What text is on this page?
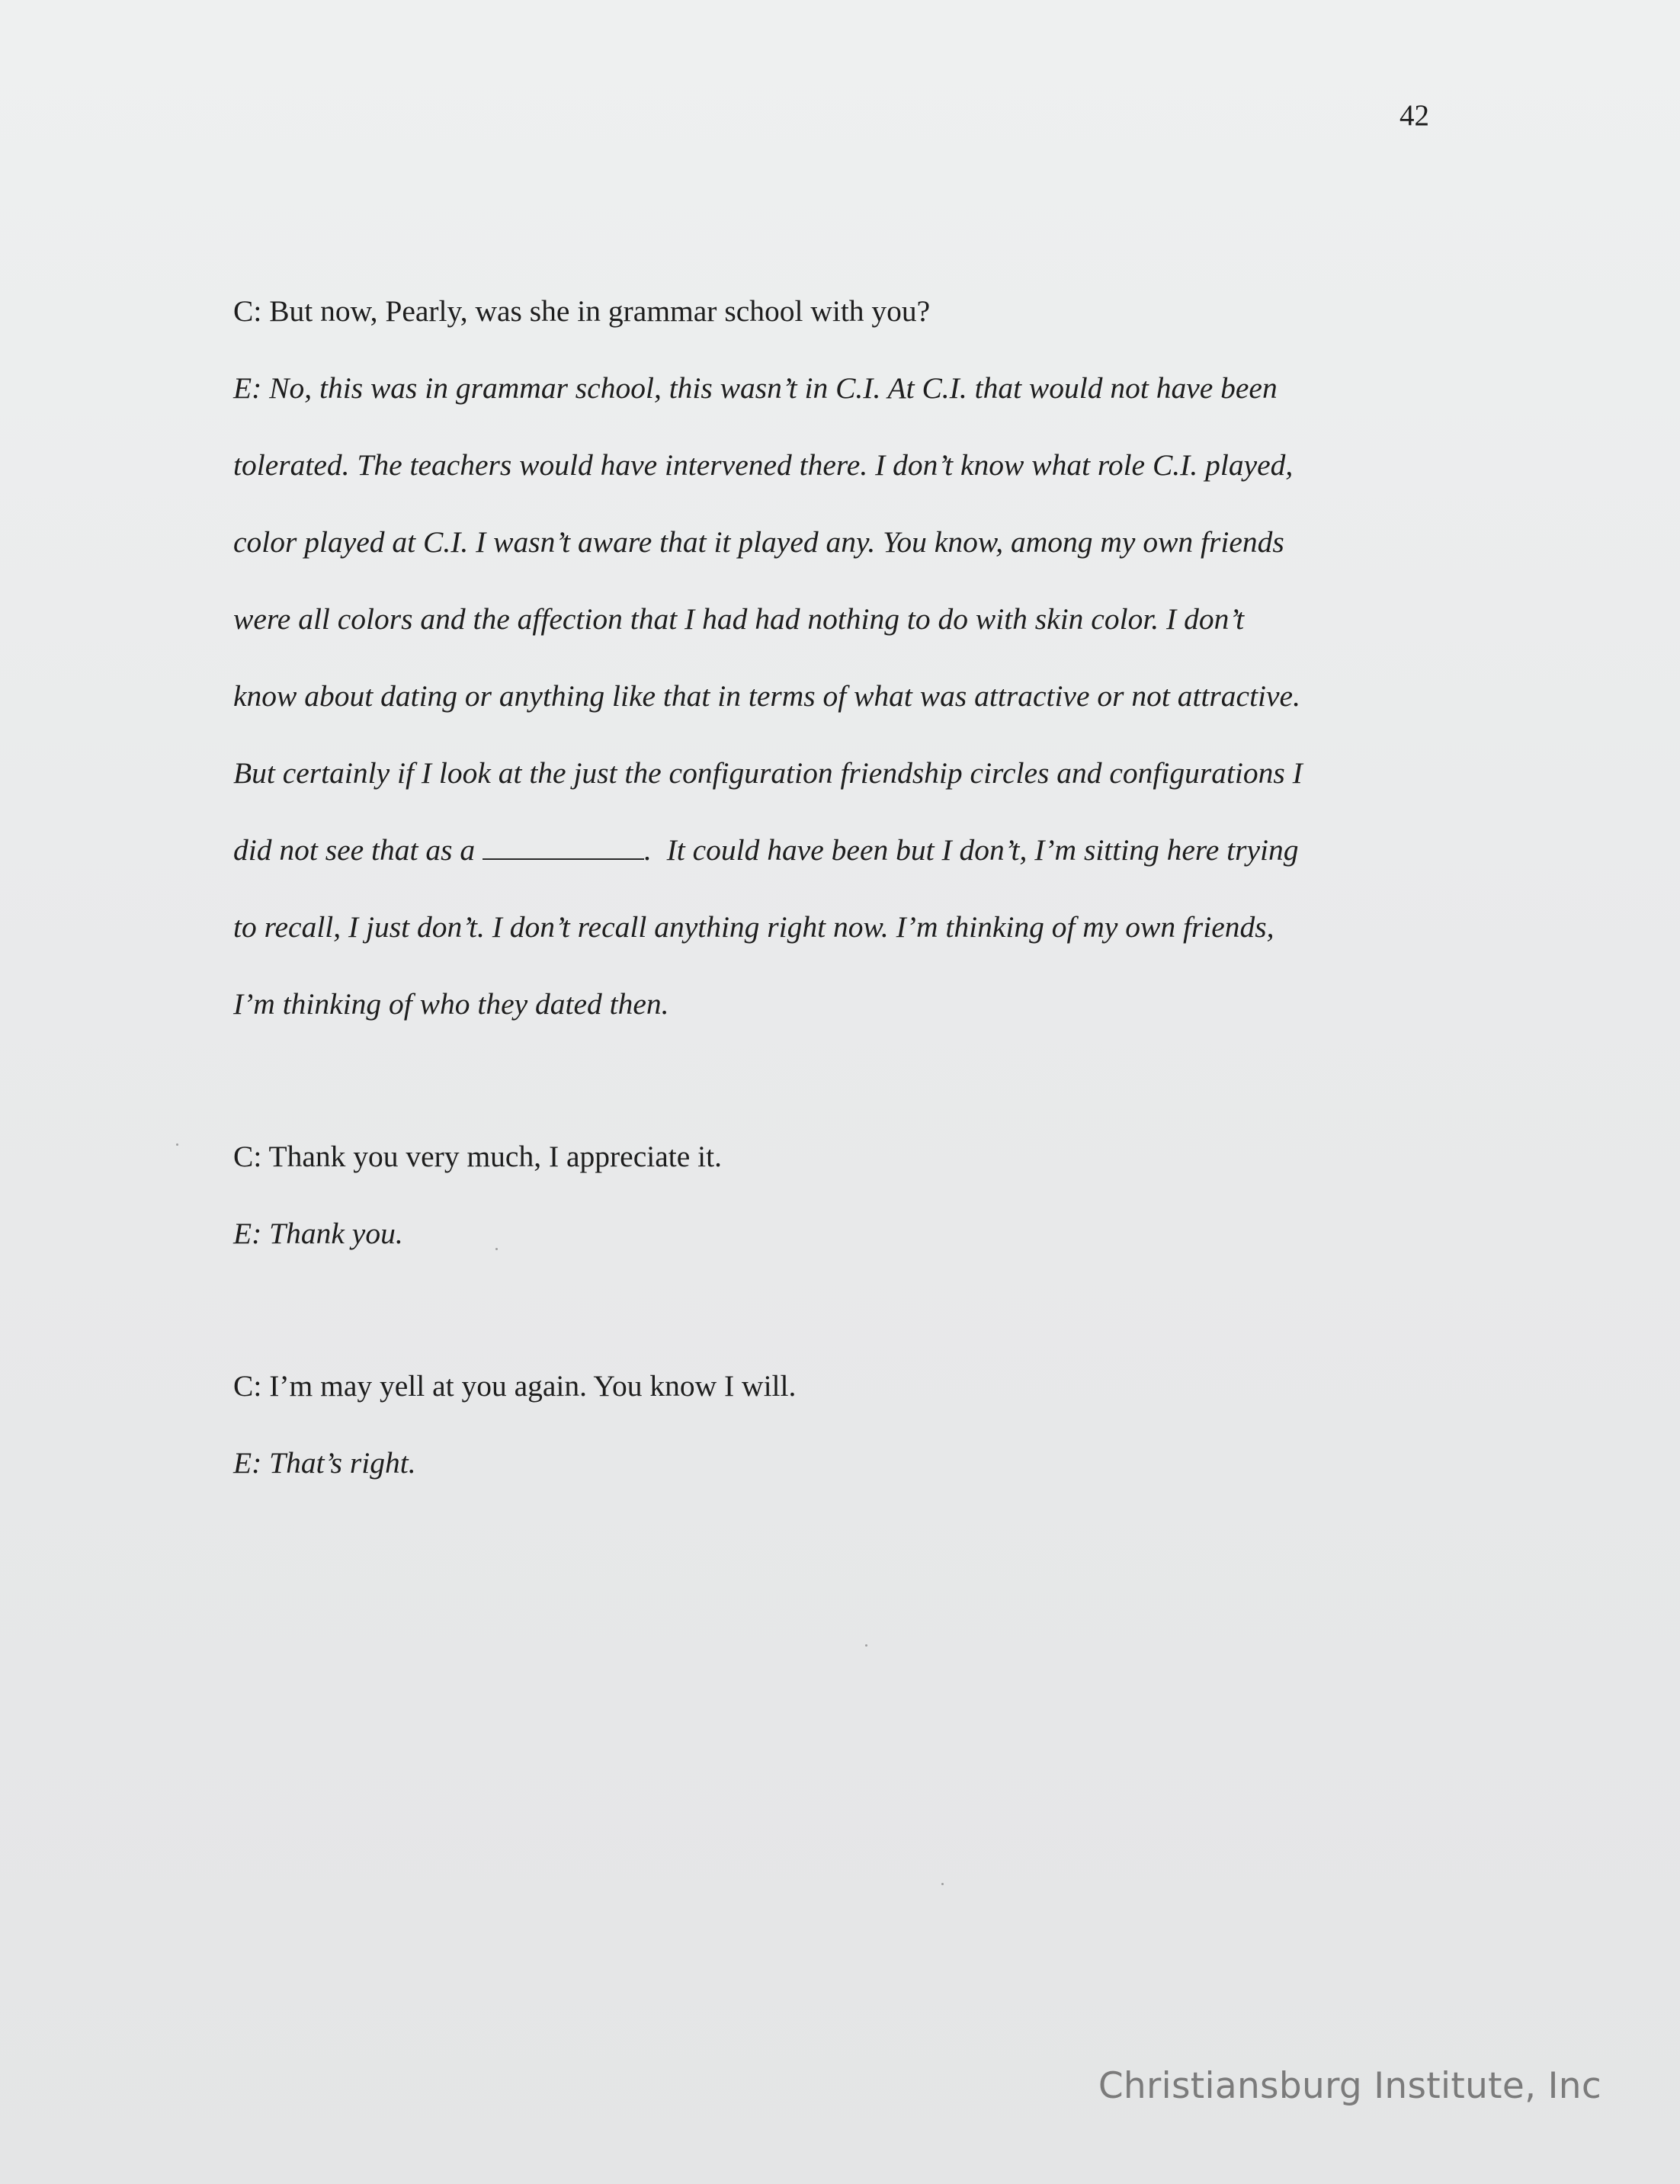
42
C: But now, Pearly, was she in grammar school with you?
E: No, this was in grammar school, this wasn’t in C.I. At C.I. that would not have been
tolerated. The teachers would have intervened there. I don’t know what role C.I. played,
color played at C.I. I wasn’t aware that it played any. You know, among my own friends
were all colors and the affection that I had had nothing to do with skin color. I don’t
know about dating or anything like that in terms of what was attractive or not attractive.
But certainly if I look at the just the configuration friendship circles and configurations I
did not see that as a	.  It could have been but I don’t, I’m sitting here trying
to recall, I just don’t. I don’t recall anything right now. I’m thinking of my own friends,
I’m thinking of who they dated then.
C: Thank you very much, I appreciate it.
E: Thank you.
C: I’m may yell at you again. You know I will.
E: That’s right.
Christiansburg Institute, Inc
